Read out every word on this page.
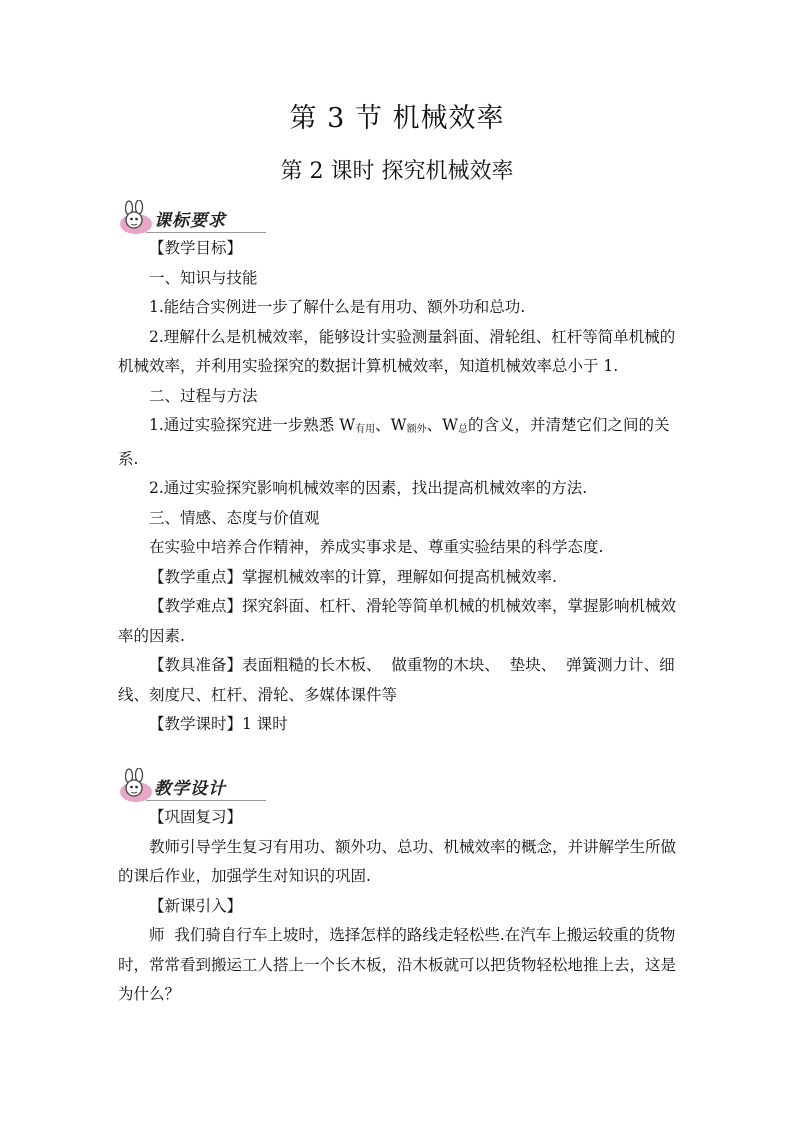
第 3 节 机械效率
第 2 课时 探究机械效率
课标要求

【教学目标】

一、知识与技能

1.能结合实例进一步了解什么是有用功、额外功和总功.

2.理解什么是机械效率，能够设计实验测量斜面、滑轮组、杠杆等简单机械的机械效率，并利用实验探究的数据计算机械效率，知道机械效率总小于 1.

二、过程与方法

1.通过实验探究进一步熟悉 $W_{有用}$、$W_{额外}$、$W_总$的含义，并清楚它们之间的关系.

2.通过实验探究影响机械效率的因素，找出提高机械效率的方法.

三、情感、态度与价值观

在实验中培养合作精神，养成实事求是、尊重实验结果的科学态度.

【教学重点】掌握机械效率的计算，理解如何提高机械效率.

【教学难点】探究斜面、杠杆、滑轮等简单机械的机械效率，掌握影响机械效率的因素.

【教具准备】表面粗糙的长木板、  做重物的木块、  垫块、  弹簧测力计、细线、刻度尺、杠杆、滑轮、多媒体课件等

【教学课时】1 课时

教学设计

【巩固复习】

教师引导学生复习有用功、额外功、总功、机械效率的概念，并讲解学生所做的课后作业，加强学生对知识的巩固.

【新课引入】

师  我们骑自行车上坡时，选择怎样的路线走轻松些.在汽车上搬运较重的货物时，常常看到搬运工人搭上一个长木板，沿木板就可以把货物轻松地推上去，这是为什么？
